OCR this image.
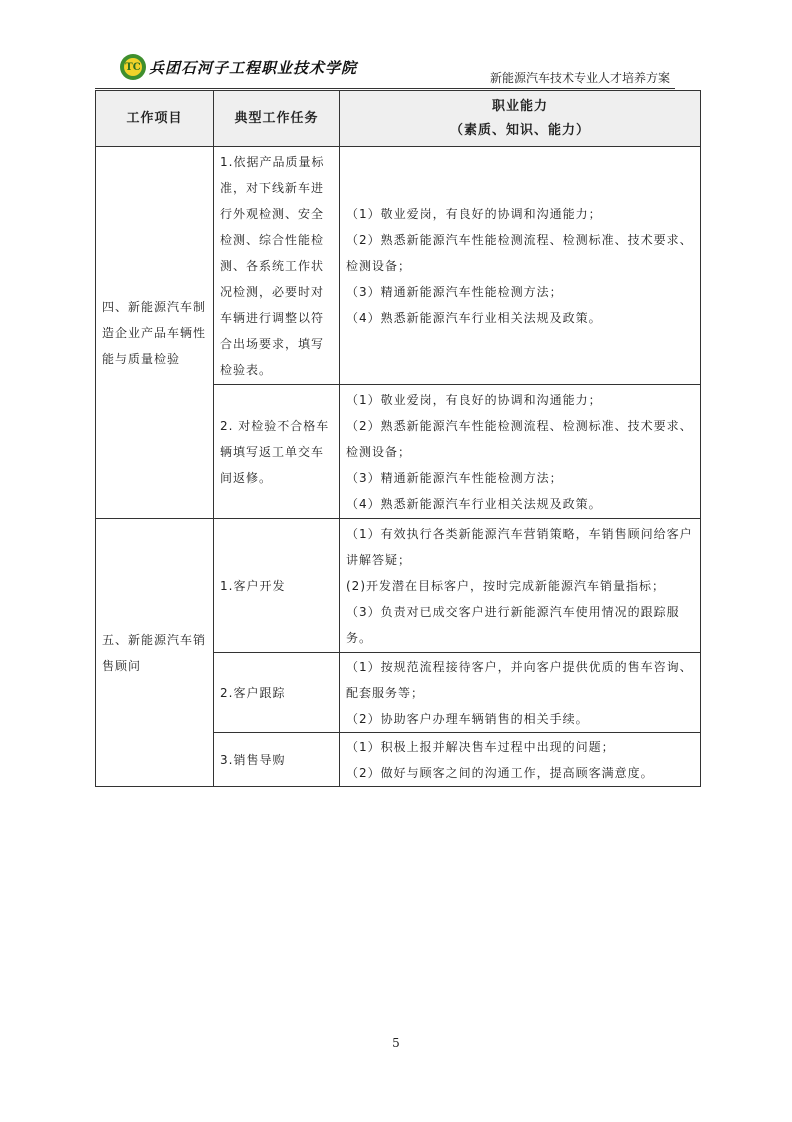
TC 兵团石河子工程职业技术学院
新能源汽车技术专业人才培养方案
工作项目	典型工作任务	职业能力
（素质、知识、能力）

四、新能源汽车制造企业产品车辆性能与质量检验	1.依据产品质量标准，对下线新车进行外观检测、安全检测、综合性能检测、各系统工作状况检测，必要时对车辆进行调整以符合出场要求，填写检验表。	（1）敬业爱岗，有良好的协调和沟通能力；
（2）熟悉新能源汽车性能检测流程、检测标准、技术要求、检测设备；
（3）精通新能源汽车性能检测方法；
（4）熟悉新能源汽车行业相关法规及政策。

	2. 对检验不合格车辆填写返工单交车间返修。	（1）敬业爱岗，有良好的协调和沟通能力；
（2）熟悉新能源汽车性能检测流程、检测标准、技术要求、检测设备；
（3）精通新能源汽车性能检测方法；
（4）熟悉新能源汽车行业相关法规及政策。

五、新能源汽车销售顾问	1.客户开发	（1）有效执行各类新能源汽车营销策略，车销售顾问给客户讲解答疑；
(2)开发潜在目标客户，按时完成新能源汽车销量指标；
（3）负责对已成交客户进行新能源汽车使用情况的跟踪服务。

	2.客户跟踪	（1）按规范流程接待客户，并向客户提供优质的售车咨询、配套服务等；
（2）协助客户办理车辆销售的相关手续。

	3.销售导购	（1）积极上报并解决售车过程中出现的问题；
（2）做好与顾客之间的沟通工作，提高顾客满意度。
5
